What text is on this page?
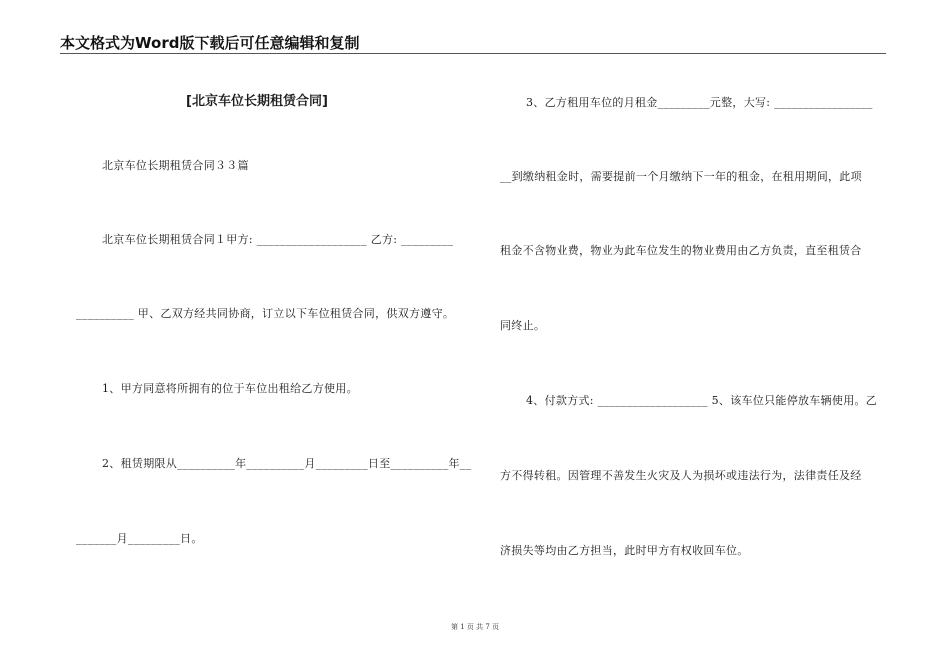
本文格式为Word版下载后可任意编辑和复制
[北京车位长期租赁合同]
北京车位长期租赁合同３３篇
北京车位长期租赁合同１甲方: ___________________ 乙方: _________
__________ 甲、乙双方经共同协商，订立以下车位租赁合同，供双方遵守。
1、甲方同意将所拥有的位于车位出租给乙方使用。
2、租赁期限从__________年__________月_________日至__________年__
_______月_________日。
3、乙方租用车位的月租金_________元整，大写: _________________
__到缴纳租金时，需要提前一个月缴纳下一年的租金，在租用期间，此项
租金不含物业费，物业为此车位发生的物业费用由乙方负责，直至租赁合
同终止。
4、付款方式: ___________________ 5、该车位只能停放车辆使用。乙
方不得转租。因管理不善发生火灾及人为损坏或违法行为，法律责任及经
济损失等均由乙方担当，此时甲方有权收回车位。
第 1 页 共 7 页
